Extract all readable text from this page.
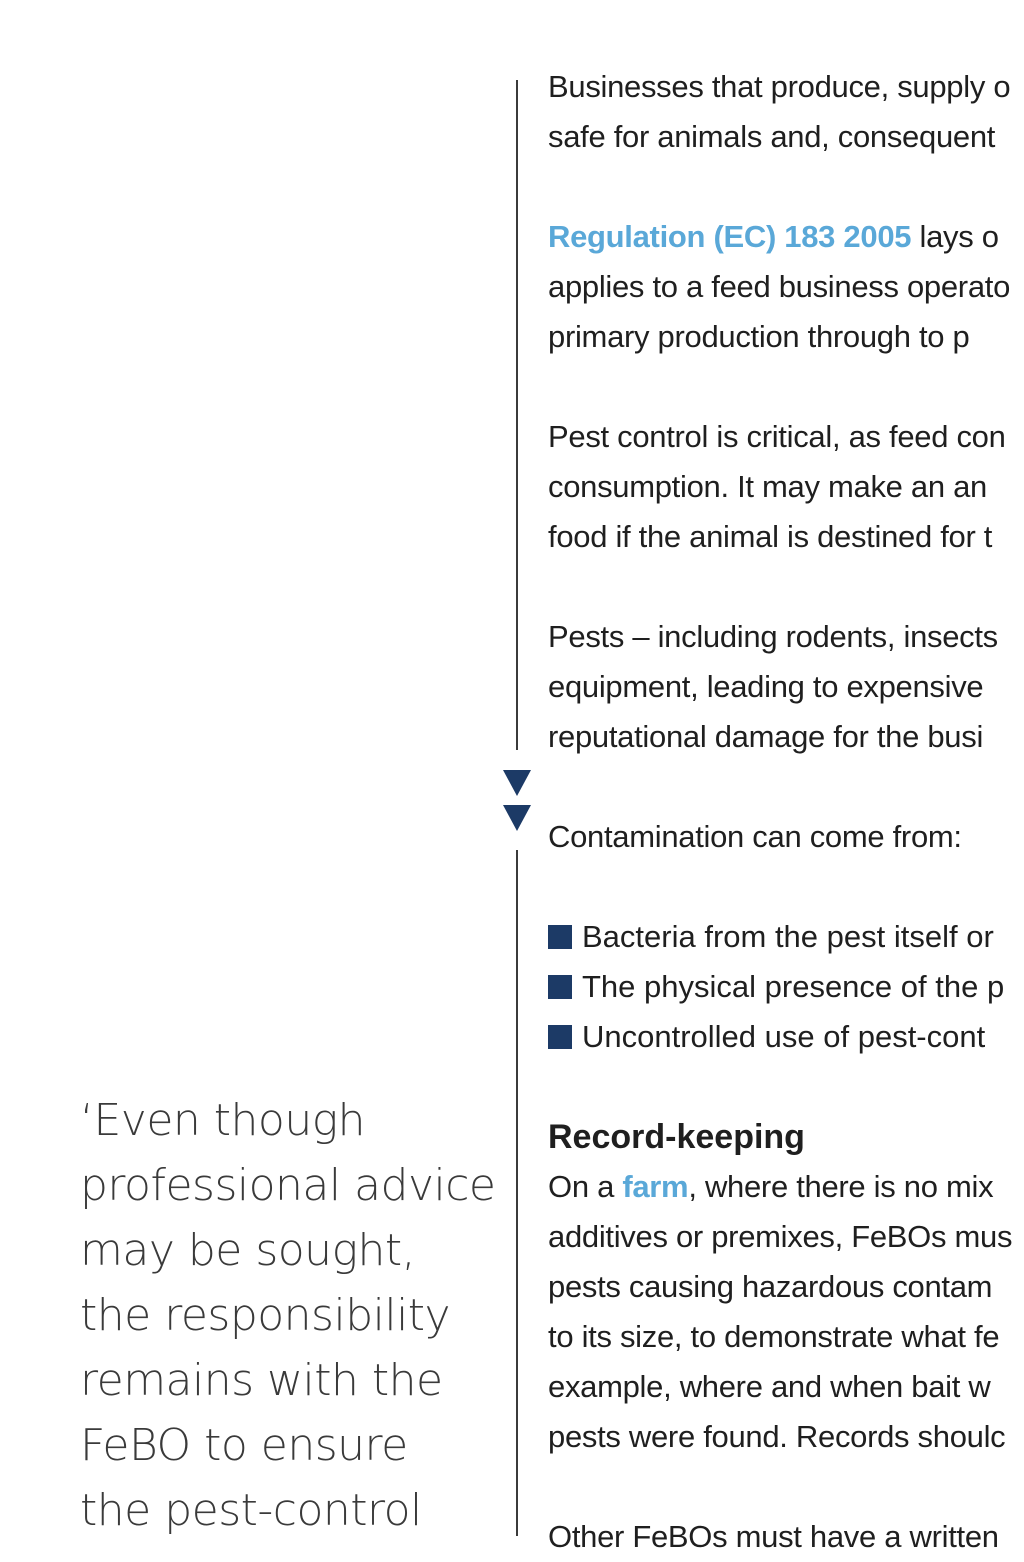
Businesses that produce, supply o
safe for animals and, consequent
Regulation (EC) 183 2005 lays o
applies to a feed business operato
primary production through to p
Pest control is critical, as feed con
consumption. It may make an an
food if the animal is destined for t
Pests – including rodents, insects
equipment, leading to expensive
reputational damage for the busi
Contamination can come from:
Bacteria from the pest itself or
The physical presence of the p
Uncontrolled use of pest-cont
Record-keeping
On a farm, where there is no mix
additives or premixes, FeBOs mus
pests causing hazardous contam
to its size, to demonstrate what fe
example, where and when bait w
pests were found. Records shoulc
Other FeBOs must have a written
‘Even though
professional advice
may be sought,
the responsibility
remains with the
FeBO to ensure
the pest-control
